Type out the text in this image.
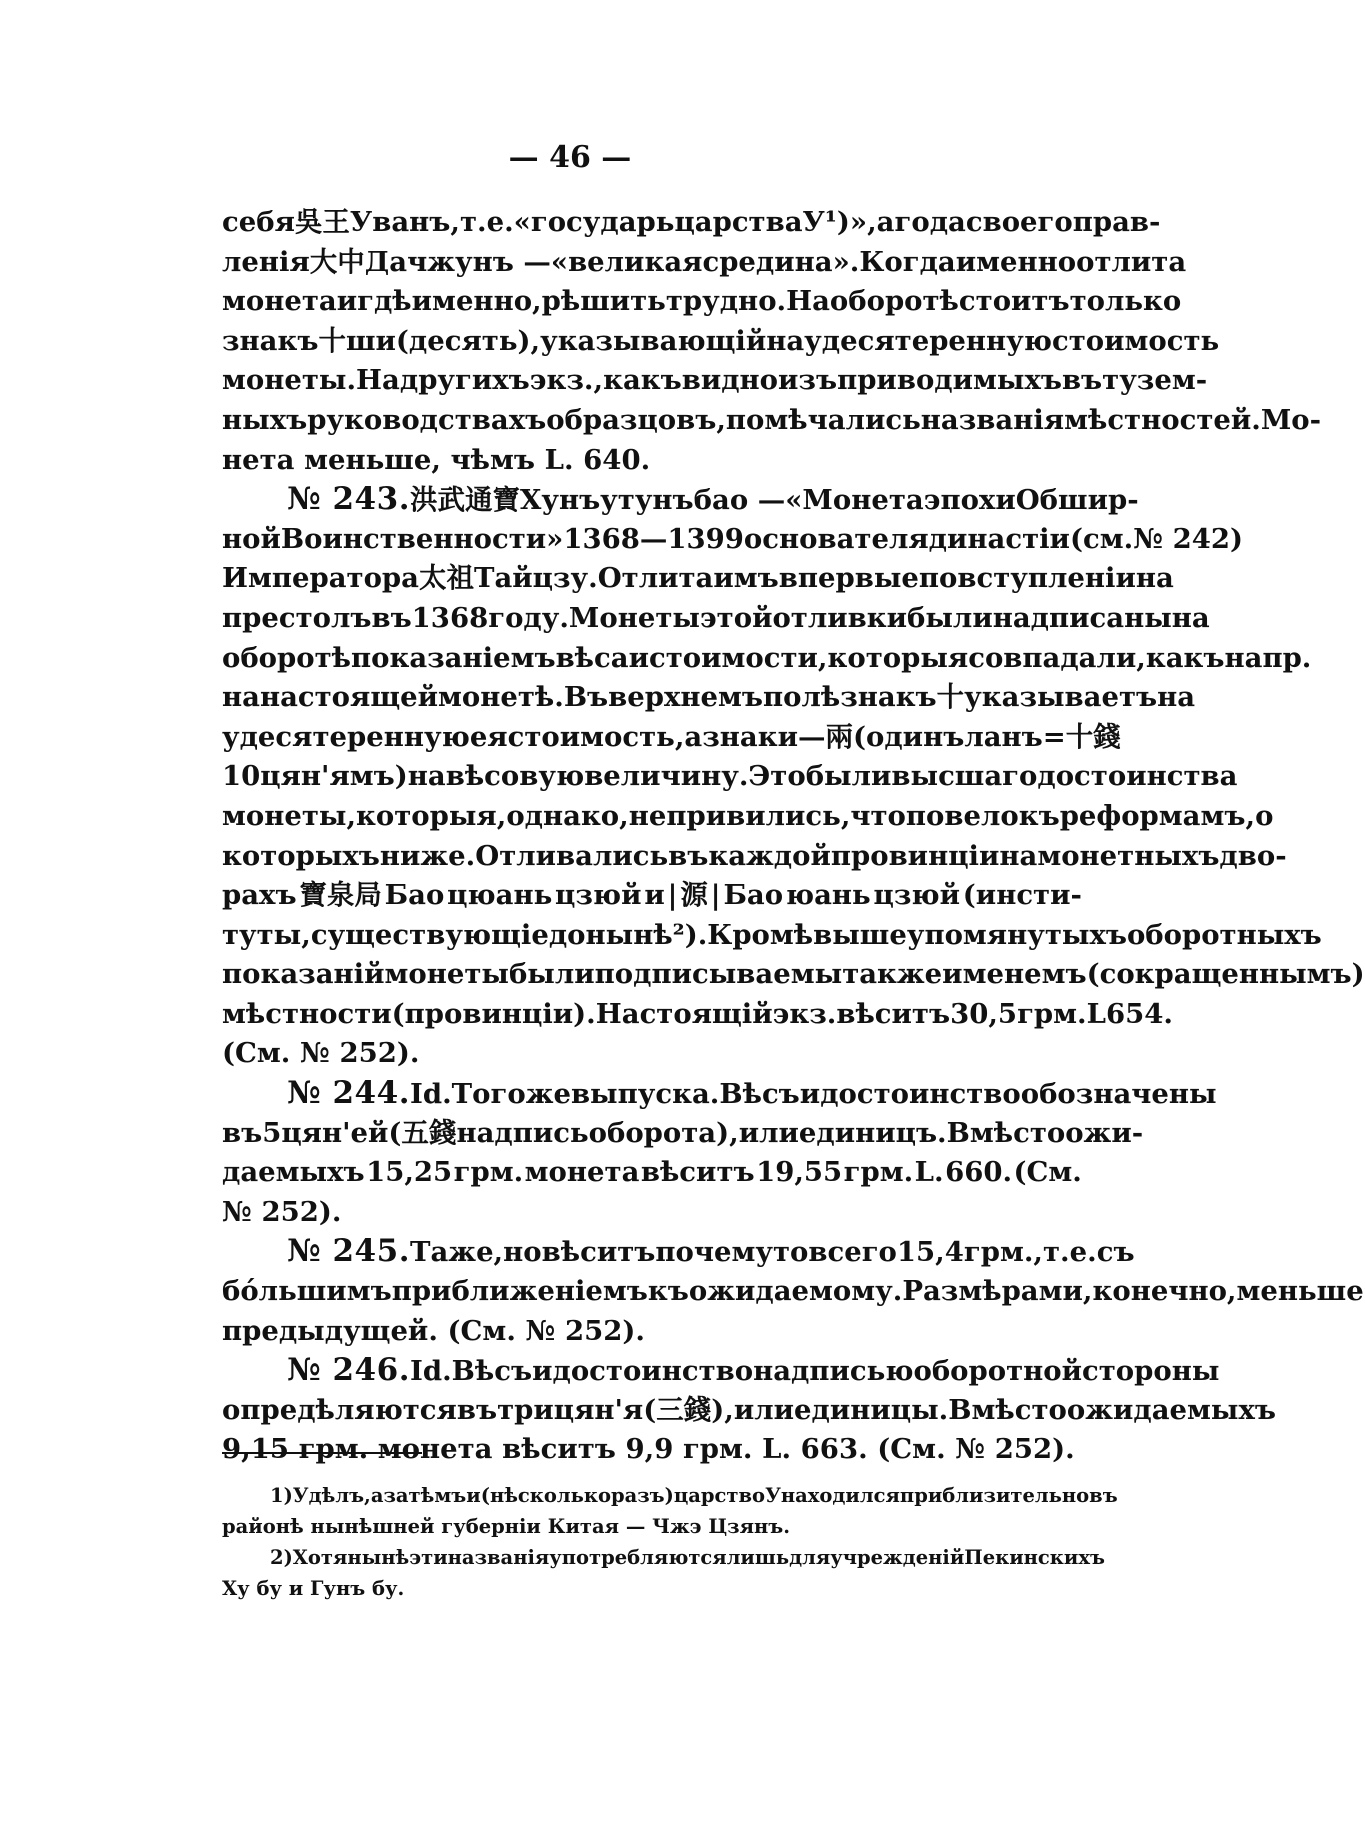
— 46 —
себя 吳王 У ванъ, т. е. «государь царства У¹)», а года своего прав-
ленія 大中 Да чжунъ — «великая средина». Когда именно отлита
монета и гдѣ именно, рѣшить трудно. На оборотѣ стоитъ только
знакъ 十 ши (десять), указывающій на удесятеренную стоимость
монеты. На другихъ экз., какъ видно изъ приводимыхъ въ тузем-
ныхъ руководствахъ образцовъ, помѣчались названія мѣстностей. Мо-
нета меньше, чѣмъ L. 640.
№ 243. 洪武通寶 Хунъ у тунъ бао — «Монета эпохи Обшир-
ной Воинственности» 1368—1399 основателя династіи (см. № 242)
Императора 太祖 Тай цзу. Отлита имъ впервые по вступленіи на
престолъ въ 1368 году. Монеты этой отливки были надписаны на
оборотѣ показаніемъ вѣса и стоимости, которыя совпадали, какъ напр.
на настоящей монетѣ. Въ верхнемъ полѣ знакъ 十 указываетъ на
удесятеренную ея стоимость, а знаки — 兩 (одинъ ланъ = 十錢
10 цян'ямъ) на вѣсовую величину. Это были высшаго достоинства
монеты, которыя, однако, не привились, что повело къ реформамъ, о
которыхъ ниже. Отливались въ каждой провинціи на монетныхъ дво-
рахъ 寶泉局 Бао цюань цзюй и | 源 | Бао юань цзюй (инсти-
туты, существующіе донынѣ²). Кромѣ вышеупомянутыхъ оборотныхъ
показаній монеты были подписываемы также именемъ (сокращеннымъ)
мѣстности (провинціи). Настоящій экз. вѣситъ 30,5 грм. L 654.
(См. № 252).
№ 244. Id. Того же выпуска. Вѣсъ и достоинство обозначены
въ 5 цян'ей (五 錢 надпись оборота), или единицъ. Вмѣсто ожи-
даемыхъ 15,25 грм. монета вѣситъ 19,55 грм. L. 660. (См.
№ 252).
№ 245. Та же, но вѣситъ почему то всего 15,4 грм., т. е. съ
бо́льшимъ приближеніемъ къ ожидаемому. Размѣрами, конечно, меньше
предыдущей. (См. № 252).
№ 246. Id. Вѣсъ и достоинство надписью оборотной стороны
опредѣляются въ три цян'я (三錢), или единицы. Вмѣсто ожидаемыхъ
9,15 грм. монета вѣситъ 9,9 грм. L. 663. (См. № 252).
1) Удѣлъ, а затѣмъ и (нѣсколько разъ) царство У находился приблизительно въ
районѣ нынѣшней губерніи Китая — Чжэ Цзянъ.
2) Хотя нынѣ эти названія употребляются лишь для учрежденій Пекинскихъ
Ху бу и Гунъ бу.
